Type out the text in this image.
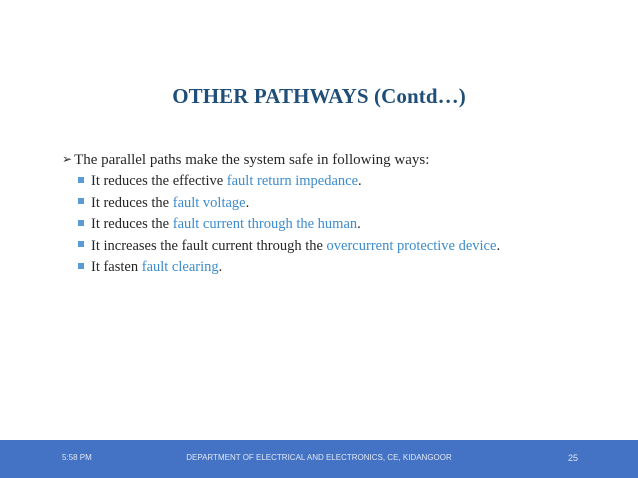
OTHER PATHWAYS (Contd…)
➢ The parallel paths make the system safe in following ways:
It reduces the effective fault return impedance.
It reduces the fault voltage.
It reduces the fault current through the human.
It increases the fault current through the overcurrent protective device.
It fasten fault clearing.
5:58 PM	DEPARTMENT OF ELECTRICAL AND ELECTRONICS, CE, KIDANGOOR	25
